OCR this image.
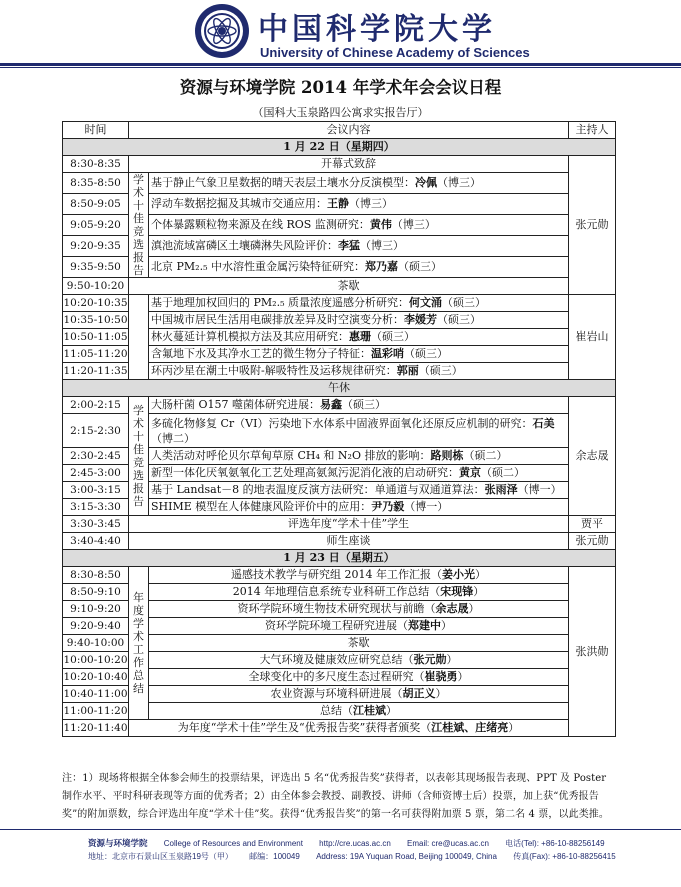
中国科学院大学
University of Chinese Academy of Sciences
资源与环境学院 2014 年学术年会会议日程
（国科大玉泉路四公寓求实报告厅）
时间	会议内容		主持人
1 月 22 日（星期四）			
8:30-8:35	开幕式致辞		张元勋
8:35-8:50	学术十佳竞选报告	基于静止气象卫星数据的晴天表层土壤水分反演模型：冷佩（博三）	
8:50-9:05		浮动车数据挖掘及其城市交通应用：王静（博三）	
9:05-9:20		个体暴露颗粒物来源及在线 ROS 监测研究：黄伟（博三）	
9:20-9:35		滇池流域富磷区土壤磷淋失风险评价：李猛（博三）	
9:35-9:50		北京 PM₂.₅ 中水溶性重金属污染特征研究：郑乃嘉（硕三）	
9:50-10:20	茶歇		
10:20-10:35		基于地理加权回归的 PM₂.₅ 质量浓度遥感分析研究：何文涌（硕三）	崔岩山
10:35-10:50		中国城市居民生活用电碳排放差异及时空演变分析：李媛芳（硕三）	
10:50-11:05		林火蔓延计算机模拟方法及其应用研究：惠珊（硕三）	
11:05-11:20		含氟地下水及其净水工艺的微生物分子特征：温彩哨（硕三）	
11:20-11:35		环丙沙星在潮土中吸附-解吸特性及运移规律研究：郭丽（硕三）	
午休			
2:00-2:15	学术十佳竞选报告	大肠杆菌 O157 噬菌体研究进展：易鑫（硕三）	余志晟
2:15-2:30		多硫化物修复 Cr（VI）污染地下水体系中固液界面氧化还原反应机制的研究：石美（博二）	
2:30-2:45		人类活动对呼伦贝尔草甸草原 CH₄ 和 N₂O 排放的影响：路则栋（硕二）	
2:45-3:00		新型一体化厌氧氨氧化工艺处理高氨氮污泥消化液的启动研究：黄京（硕二）	
3:00-3:15		基于 Landsat－8 的地表温度反演方法研究：单通道与双通道算法：张雨泽（博一）	
3:15-3:30		SHIME 模型在人体健康风险评价中的应用：尹乃毅（博一）	
3:30-3:45	评选年度“学术十佳”学生		贾平
3:40-4:40	师生座谈		张元勋
1 月 23 日（星期五）			
8:30-8:50	年度学术工作总结	遥感技术教学与研究组 2014 年工作汇报（姜小光）	张洪勋
8:50-9:10		2014 年地理信息系统专业科研工作总结（宋现锋）	
9:10-9:20		资环学院环境生物技术研究现状与前瞻（余志晟）	
9:20-9:40		资环学院环境工程研究进展（郑建中）	
9:40-10:00		茶歇	
10:00-10:20		大气环境及健康效应研究总结（张元勋）	
10:20-10:40		全球变化中的多尺度生态过程研究（崔骁勇）	
10:40-11:00		农业资源与环境科研进展（胡正义）	
11:00-11:20		总结（江桂斌）	
11:20-11:40	为年度“学术十佳”学生及“优秀报告奖”获得者颁奖（江桂斌、庄绪亮）		
注：1）现场将根据全体参会师生的投票结果，评选出 5 名“优秀报告奖”获得者，以表彰其现场报告表现、PPT 及 Poster 制作水平、平时科研表现等方面的优秀者；2）由全体参会教授、副教授、讲师（含师资博士后）投票，加上获“优秀报告奖”的附加票数，综合评选出年度“学术十佳”奖。获得“优秀报告奖”的第一名可获得附加票 5 票，第二名 4 票，以此类推。
资源与环境学院 College of Resources and Environment http://cre.ucas.ac.cn Email: cre@ucas.ac.cn 电话(Tel): +86-10-88256149
地址：北京市石景山区玉泉路19号（甲） 邮编：100049 Address: 19A Yuquan Road, Beijing 100049, China 传真(Fax): +86-10-88256415
